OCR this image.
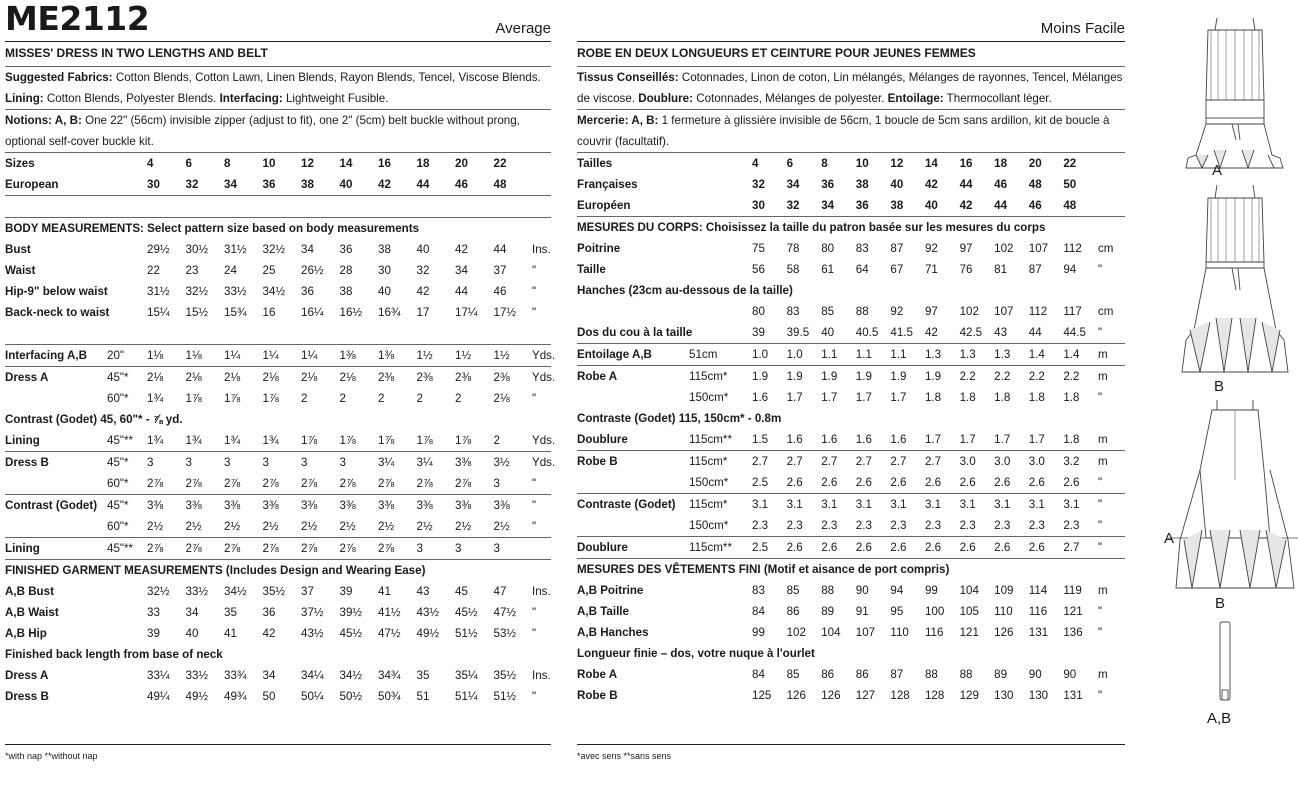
ME2112	Average
MISSES' DRESS IN TWO LENGTHS AND BELT
Suggested Fabrics: Cotton Blends, Cotton Lawn, Linen Blends, Rayon Blends, Tencel, Viscose Blends.
Lining: Cotton Blends, Polyester Blends. Interfacing: Lightweight Fusible.
Notions: A, B: One 22" (56cm) invisible zipper (adjust to fit), one 2" (5cm) belt buckle without prong, optional self-cover buckle kit.
Sizes		4	6	8	10	12	14	16	18	20	22	
European		30	32	34	36	38	40	42	44	46	48	

BODY MEASUREMENTS: Select pattern size based on body measurements												
Bust		29½	30½	31½	32½	34	36	38	40	42	44	Ins.
Waist		22	23	24	25	26½	28	30	32	34	37	"
Hip-9" below waist		31½	32½	33½	34½	36	38	40	42	44	46	"
Back-neck to waist		15¼	15½	15¾	16	16¼	16½	16¾	17	17¼	17½	"

Interfacing A,B	20"	1⅛	1⅛	1¼	1¼	1¼	1⅜	1⅜	1½	1½	1½	Yds.
Dress A	45"*	2⅛	2⅛	2⅛	2⅛	2⅛	2⅛	2⅜	2⅜	2⅜	2⅜	Yds.
	60"*	1¾	1⅞	1⅞	1⅞	2	2	2	2	2	2⅛	"
Contrast (Godet) 45, 60"* - ⅞ yd.												
Lining	45"**	1¾	1¾	1¾	1¾	1⅞	1⅞	1⅞	1⅞	1⅞	2	Yds.
Dress B	45"*	3	3	3	3	3	3	3¼	3¼	3⅜	3½	Yds.
	60"*	2⅞	2⅞	2⅞	2⅞	2⅞	2⅞	2⅞	2⅞	2⅞	3	"
Contrast (Godet)	45"*	3⅜	3⅜	3⅜	3⅜	3⅜	3⅜	3⅜	3⅜	3⅜	3⅜	"
	60"*	2½	2½	2½	2½	2½	2½	2½	2½	2½	2½	"
Lining	45"**	2⅞	2⅞	2⅞	2⅞	2⅞	2⅞	2⅞	3	3	3	
FINISHED GARMENT MEASUREMENTS (Includes Design and Wearing Ease)												
A,B Bust		32½	33½	34½	35½	37	39	41	43	45	47	Ins.
A,B Waist		33	34	35	36	37½	39½	41½	43½	45½	47½	"
A,B Hip		39	40	41	42	43½	45½	47½	49½	51½	53½	"
Finished back length from base of neck												
Dress A		33¼	33½	33¾	34	34¼	34½	34¾	35	35¼	35½	Ins.
Dress B		49¼	49½	49¾	50	50¼	50½	50¾	51	51¼	51½	"
Moins Facile
ROBE EN DEUX LONGUEURS ET CEINTURE POUR JEUNES FEMMES
Tissus Conseillés: Cotonnades, Linon de coton, Lin mélangés, Mélanges de rayonnes, Tencel, Mélanges de viscose. Doublure: Cotonnades, Mélanges de polyester. Entoilage: Thermocollant léger.
Mercerie: A, B: 1 fermeture à glissière invisible de 56cm, 1 boucle de 5cm sans ardillon, kit de boucle à couvrir (facultatif).
Tailles		4	6	8	10	12	14	16	18	20	22	
Françaises		32	34	36	38	40	42	44	46	48	50	
Européen		30	32	34	36	38	40	42	44	46	48	
MESURES DU CORPS: Choisissez la taille du patron basée sur les mesures du corps												
Poitrine		75	78	80	83	87	92	97	102	107	112	cm
Taille		56	58	61	64	67	71	76	81	87	94	"
Hanches (23cm au-dessous de la taille)												
		80	83	85	88	92	97	102	107	112	117	cm
Dos du cou à la taille		39	39.5	40	40.5	41.5	42	42.5	43	44	44.5	"
Entoilage A,B	51cm	1.0	1.0	1.1	1.1	1.1	1.3	1.3	1.3	1.4	1.4	m
Robe A	115cm*	1.9	1.9	1.9	1.9	1.9	1.9	2.2	2.2	2.2	2.2	m
	150cm*	1.6	1.7	1.7	1.7	1.7	1.8	1.8	1.8	1.8	1.8	"
Contraste (Godet) 115, 150cm* - 0.8m												
Doublure	115cm**	1.5	1.6	1.6	1.6	1.6	1.7	1.7	1.7	1.7	1.8	m
Robe B	115cm*	2.7	2.7	2.7	2.7	2.7	2.7	3.0	3.0	3.0	3.2	m
	150cm*	2.5	2.6	2.6	2.6	2.6	2.6	2.6	2.6	2.6	2.6	"
Contraste (Godet)	115cm*	3.1	3.1	3.1	3.1	3.1	3.1	3.1	3.1	3.1	3.1	"
	150cm*	2.3	2.3	2.3	2.3	2.3	2.3	2.3	2.3	2.3	2.3	"
Doublure	115cm**	2.5	2.6	2.6	2.6	2.6	2.6	2.6	2.6	2.6	2.7	"
MESURES DES VÊTEMENTS FINI (Motif et aisance de port compris)												
A,B Poitrine		83	85	88	90	94	99	104	109	114	119	m
A,B Taille		84	86	89	91	95	100	105	110	116	121	"
A,B Hanches		99	102	104	107	110	116	121	126	131	136	"
Longueur finie – dos, votre nuque à l'ourlet												
Robe A		84	85	86	86	87	88	88	89	90	90	m
Robe B		125	126	126	127	128	128	129	130	130	131	"
*with nap **without nap	*avec sens **sans sens
A
B
A
B
A,B
